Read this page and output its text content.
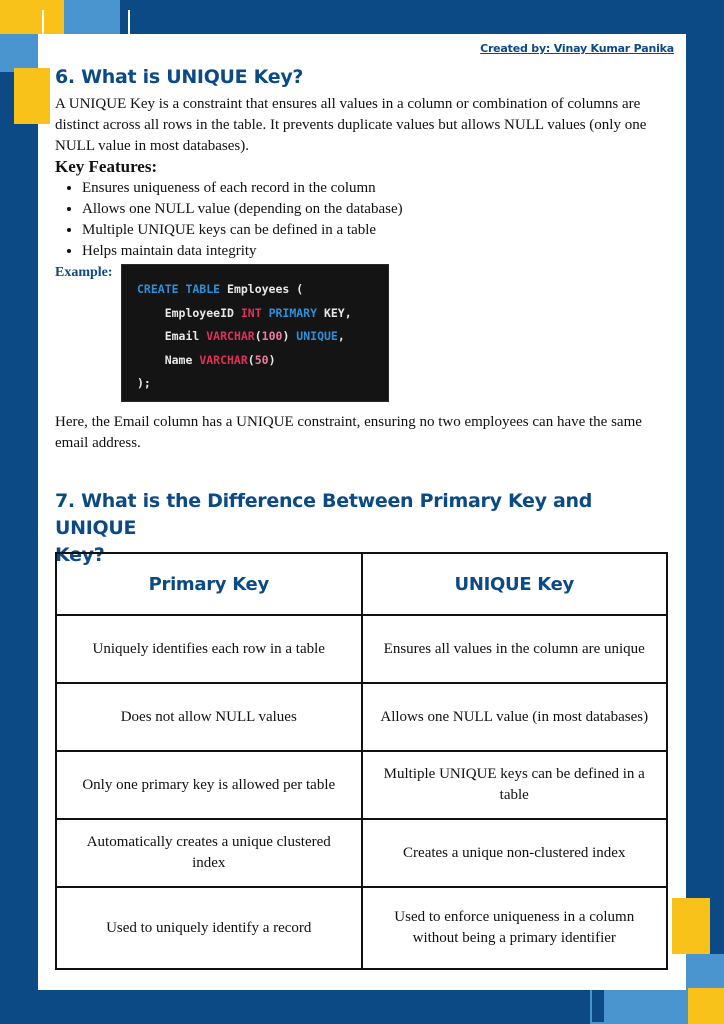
Created by: Vinay Kumar Panika
6. What is UNIQUE Key?
A UNIQUE Key is a constraint that ensures all values in a column or combination of columns are distinct across all rows in the table. It prevents duplicate values but allows NULL values (only one NULL value in most databases).
Key Features:
• Ensures uniqueness of each record in the column
• Allows one NULL value (depending on the database)
• Multiple UNIQUE keys can be defined in a table
• Helps maintain data integrity
Example:
CREATE TABLE Employees (
EmployeeID INT PRIMARY KEY,
Email VARCHAR(100) UNIQUE,
Name VARCHAR(50)
);
Here, the Email column has a UNIQUE constraint, ensuring no two employees can have the same email address.
7. What is the Difference Between Primary Key and UNIQUE
Key?
Primary Key	UNIQUE Key
Uniquely identifies each row in a table	Ensures all values in the column are unique
Does not allow NULL values	Allows one NULL value (in most databases)
Only one primary key is allowed per table	Multiple UNIQUE keys can be defined in a table
Automatically creates a unique clustered index	Creates a unique non-clustered index
Used to uniquely identify a record	Used to enforce uniqueness in a column without being a primary identifier
